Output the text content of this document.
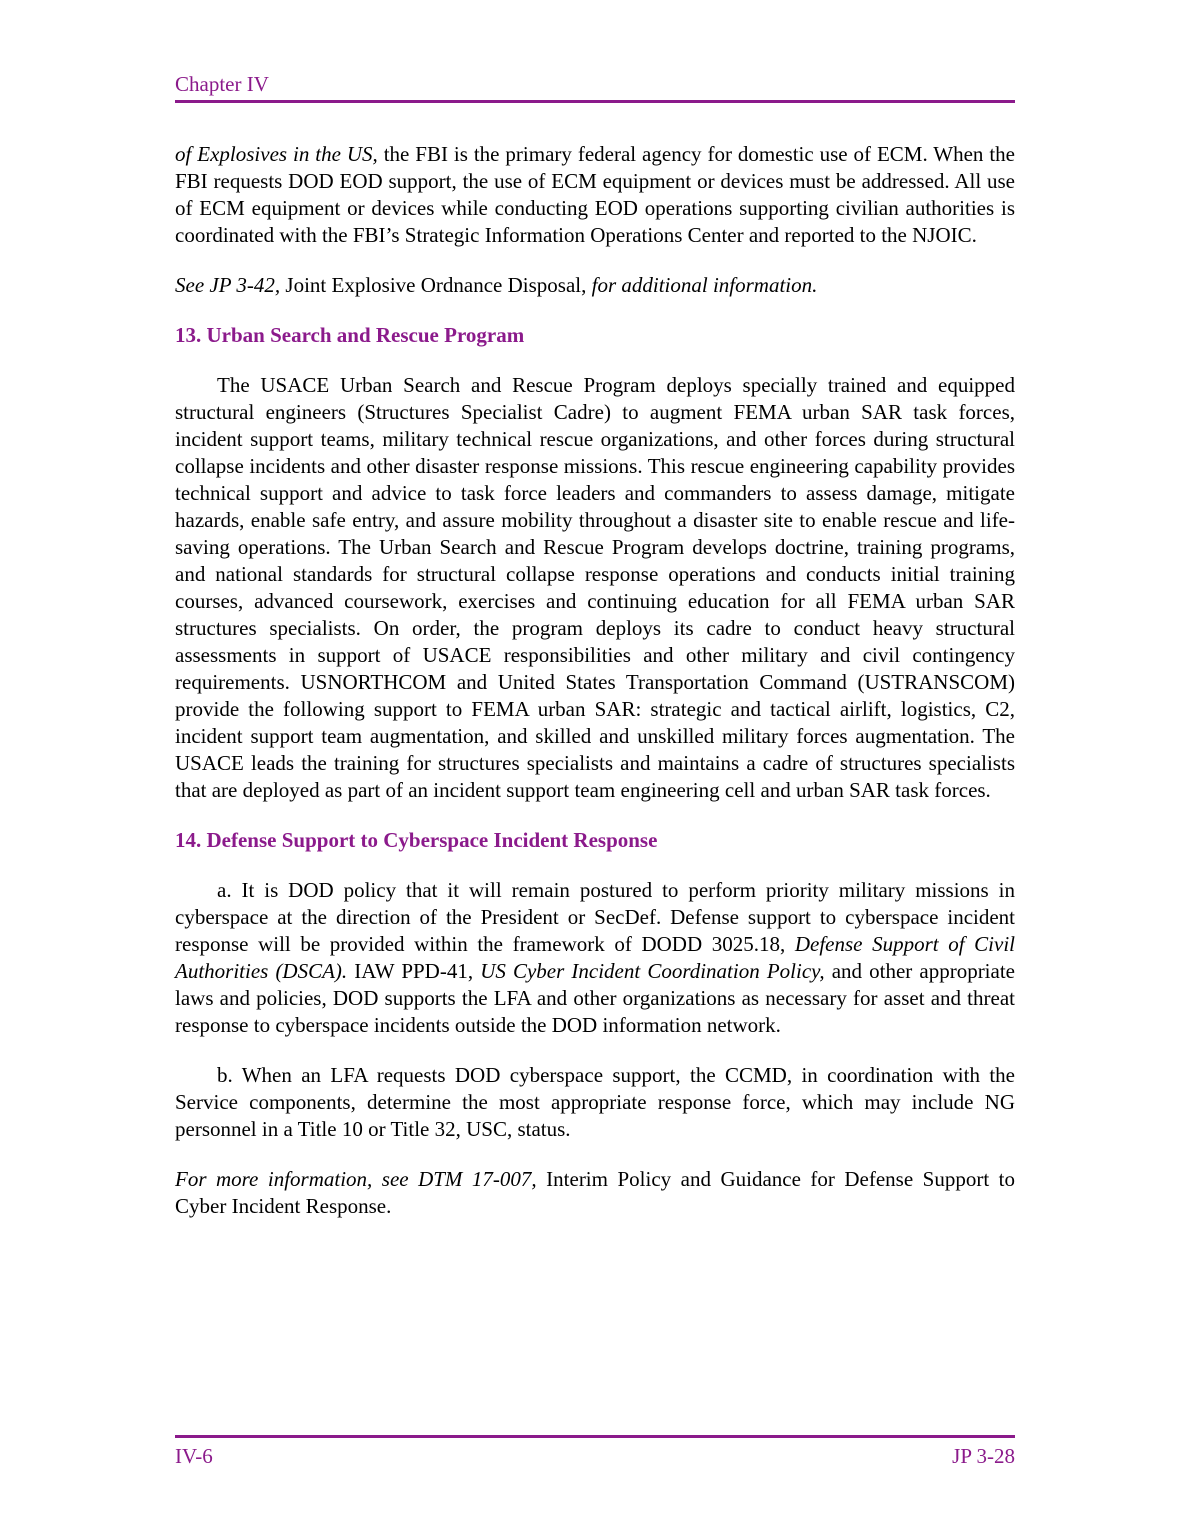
Chapter IV

of Explosives in the US, the FBI is the primary federal agency for domestic use of ECM. When the FBI requests DOD EOD support, the use of ECM equipment or devices must be addressed. All use of ECM equipment or devices while conducting EOD operations supporting civilian authorities is coordinated with the FBI’s Strategic Information Operations Center and reported to the NJOIC.

See JP 3-42, Joint Explosive Ordnance Disposal, for additional information.

13. Urban Search and Rescue Program

The USACE Urban Search and Rescue Program deploys specially trained and equipped structural engineers (Structures Specialist Cadre) to augment FEMA urban SAR task forces, incident support teams, military technical rescue organizations, and other forces during structural collapse incidents and other disaster response missions. This rescue engineering capability provides technical support and advice to task force leaders and commanders to assess damage, mitigate hazards, enable safe entry, and assure mobility throughout a disaster site to enable rescue and life-saving operations. The Urban Search and Rescue Program develops doctrine, training programs, and national standards for structural collapse response operations and conducts initial training courses, advanced coursework, exercises and continuing education for all FEMA urban SAR structures specialists. On order, the program deploys its cadre to conduct heavy structural assessments in support of USACE responsibilities and other military and civil contingency requirements. USNORTHCOM and United States Transportation Command (USTRANSCOM) provide the following support to FEMA urban SAR: strategic and tactical airlift, logistics, C2, incident support team augmentation, and skilled and unskilled military forces augmentation. The USACE leads the training for structures specialists and maintains a cadre of structures specialists that are deployed as part of an incident support team engineering cell and urban SAR task forces.

14. Defense Support to Cyberspace Incident Response

a. It is DOD policy that it will remain postured to perform priority military missions in cyberspace at the direction of the President or SecDef. Defense support to cyberspace incident response will be provided within the framework of DODD 3025.18, Defense Support of Civil Authorities (DSCA). IAW PPD-41, US Cyber Incident Coordination Policy, and other appropriate laws and policies, DOD supports the LFA and other organizations as necessary for asset and threat response to cyberspace incidents outside the DOD information network.

b. When an LFA requests DOD cyberspace support, the CCMD, in coordination with the Service components, determine the most appropriate response force, which may include NG personnel in a Title 10 or Title 32, USC, status.

For more information, see DTM 17-007, Interim Policy and Guidance for Defense Support to Cyber Incident Response.

IV-6	JP 3-28
